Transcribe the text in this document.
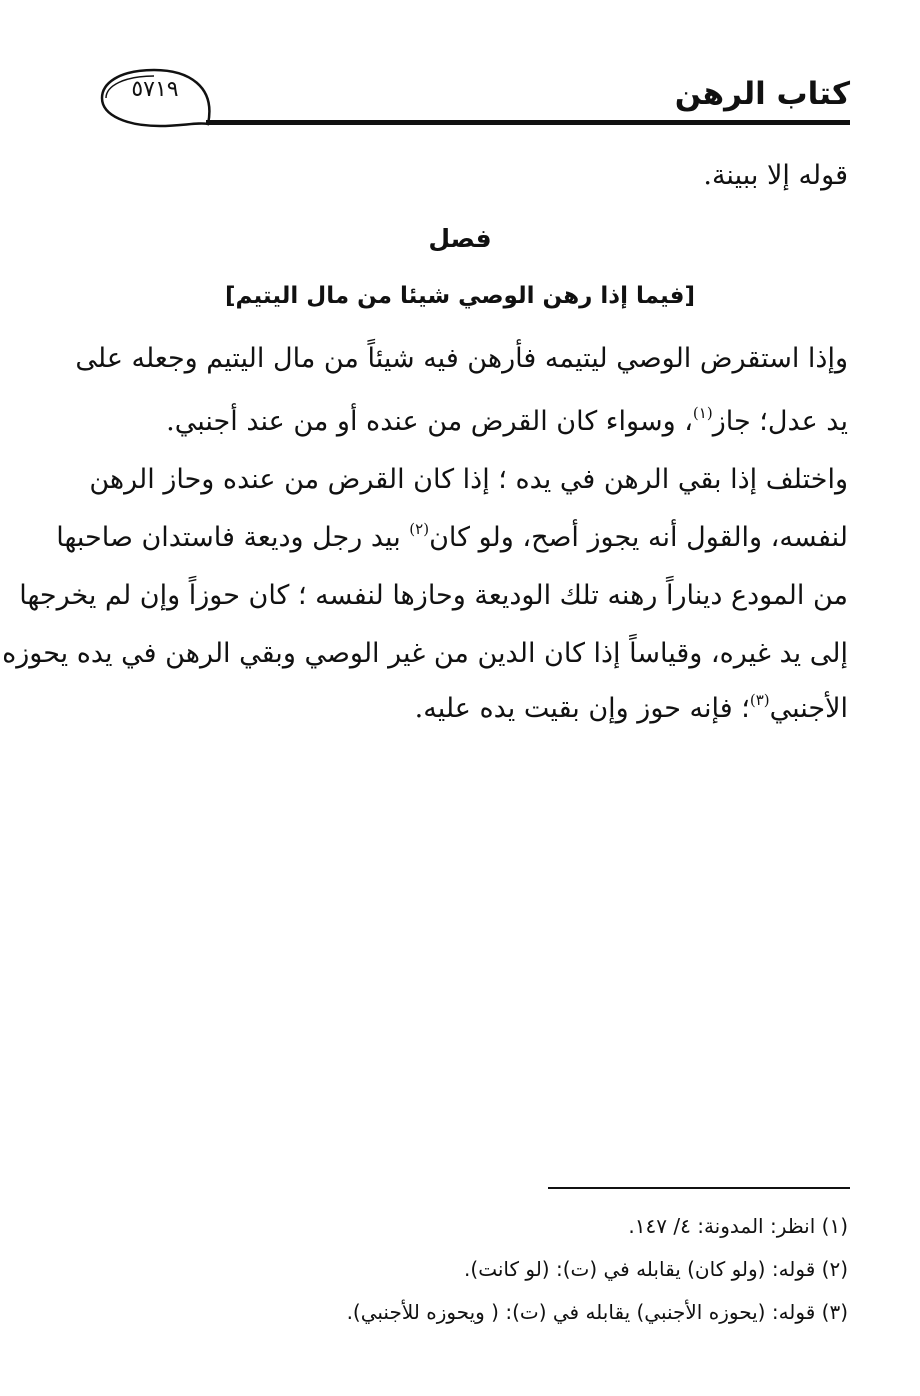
كتاب الرهن
٥٧١٩
قوله إلا ببينة.
فصل
[فيما إذا رهن الوصي شيئا من مال اليتيم]
وإذا استقرض الوصي ليتيمه فأرهن فيه شيئاً من مال اليتيم وجعله على
يد عدل؛ جاز$^{(١)}$، وسواء كان القرض من عنده أو من عند أجنبي.
واختلف إذا بقي الرهن في يده ؛ إذا كان القرض من عنده وحاز الرهن
لنفسه، والقول أنه يجوز أصح، ولو كان$^{(٢)}$ بيد رجل وديعة فاستدان صاحبها
من المودع ديناراً رهنه تلك الوديعة وحازها لنفسه ؛ كان حوزاً وإن لم يخرجها
إلى يد غيره، وقياساً إذا كان الدين من غير الوصي وبقي الرهن في يده يحوزه
الأجنبي$^{(٣)}$؛ فإنه حوز وإن بقيت يده عليه.
(١) انظر: المدونة: ٤/ ١٤٧.
(٢) قوله: (ولو كان) يقابله في (ت): (لو كانت).
(٣) قوله: (يحوزه الأجنبي) يقابله في (ت): ( ويحوزه للأجنبي).
